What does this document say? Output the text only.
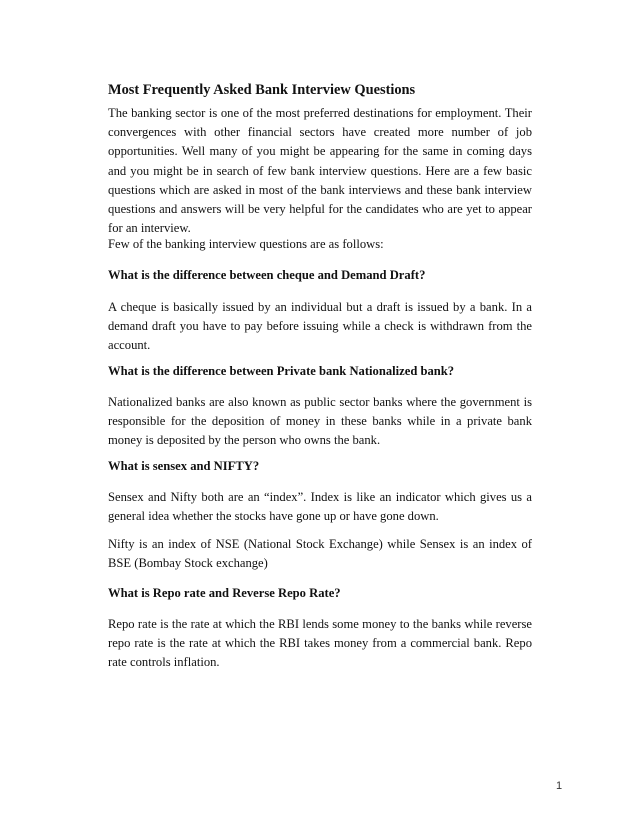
Most Frequently Asked Bank Interview Questions
The banking sector is one of the most preferred destinations for employment. Their convergences with other financial sectors have created more number of job opportunities. Well many of you might be appearing for the same in coming days and you might be in search of few bank interview questions. Here are a few basic questions which are asked in most of the bank interviews and these bank interview questions and answers will be very helpful for the candidates who are yet to appear for an interview.
Few of the banking interview questions are as follows:
What is the difference between cheque and Demand Draft?
A cheque is basically issued by an individual but a draft is issued by a bank. In a demand draft you have to pay before issuing while a check is withdrawn from the account.
What is the difference between Private bank Nationalized bank?
Nationalized banks are also known as public sector banks where the government is responsible for the deposition of money in these banks while in a private bank money is deposited by the person who owns the bank.
What is sensex and NIFTY?
Sensex and Nifty both are an “index”. Index is like an indicator which gives us a general idea whether the stocks have gone up or have gone down.
Nifty is an index of NSE (National Stock Exchange) while Sensex is an index of BSE (Bombay Stock exchange)
What is Repo rate and Reverse Repo Rate?
Repo rate is the rate at which the RBI lends some money to the banks while reverse repo rate is the rate at which the RBI takes money from a commercial bank. Repo rate controls inflation.
1
